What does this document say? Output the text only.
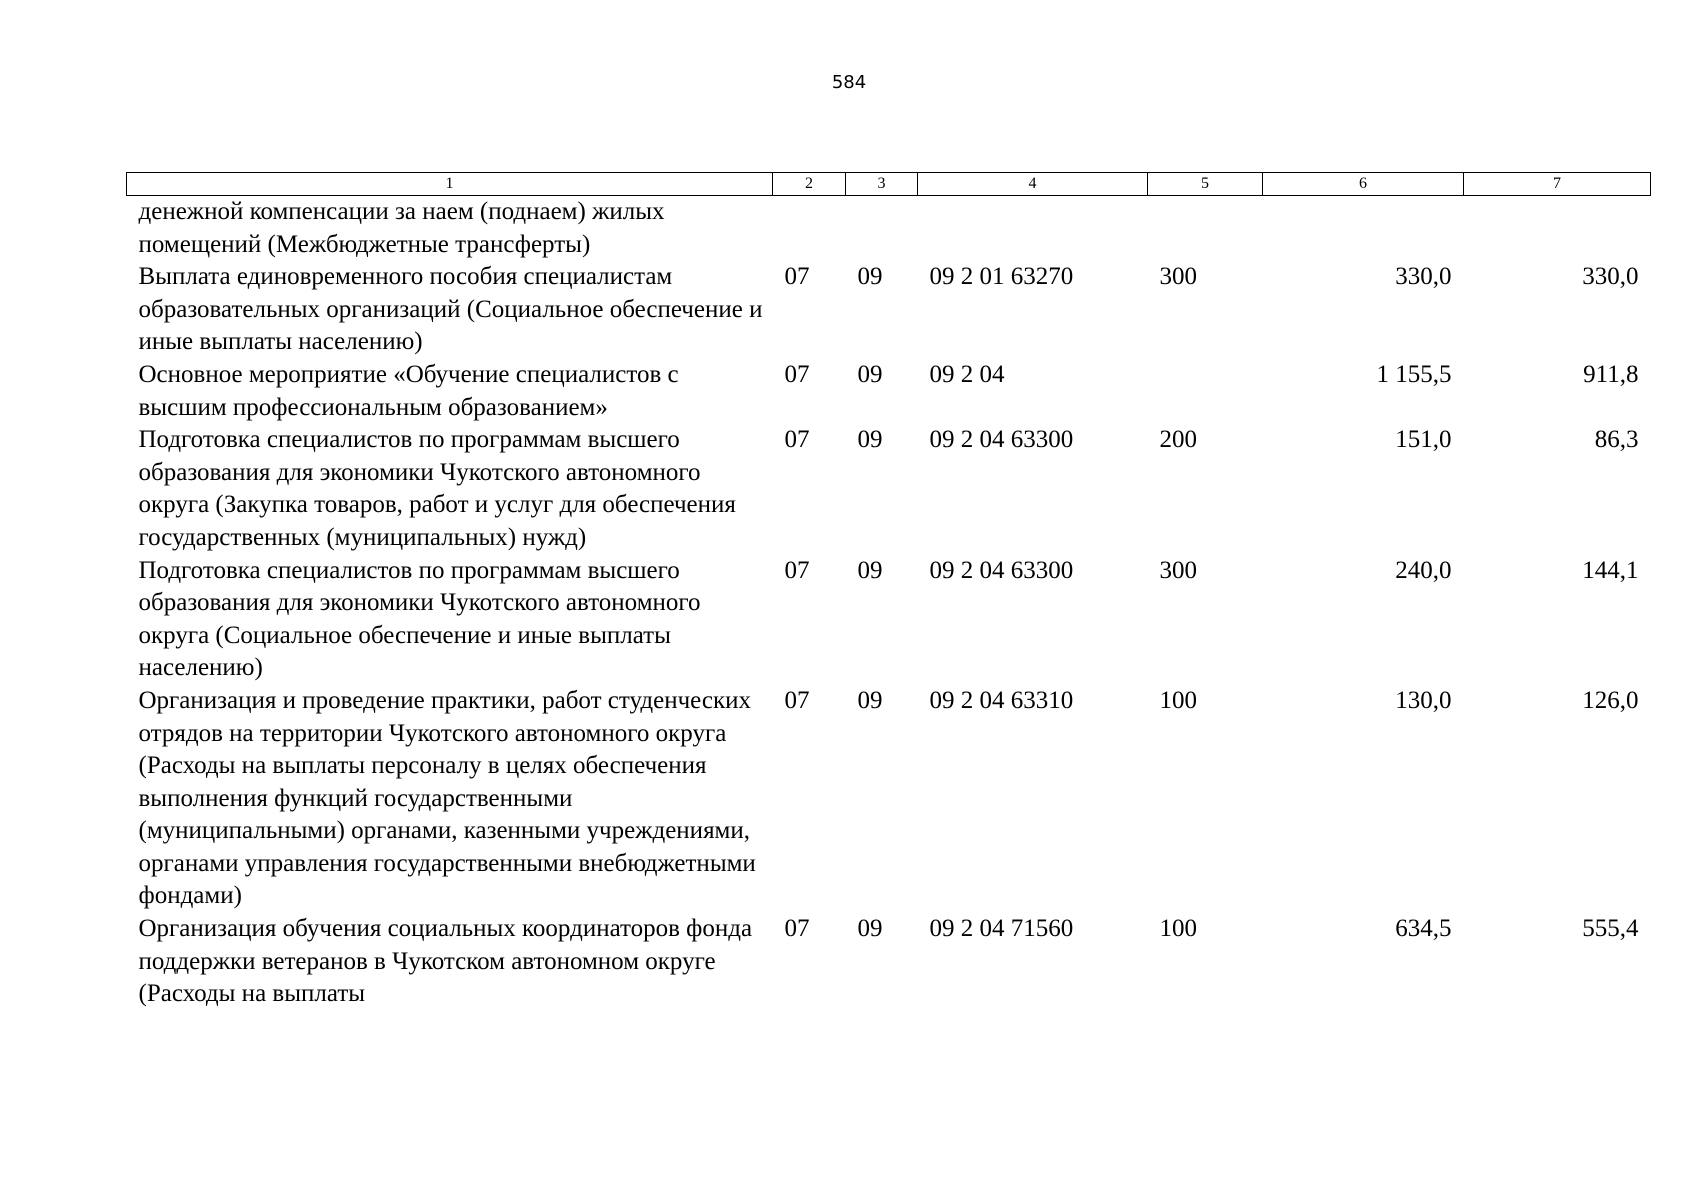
584
1	2	3	4	5	6	7
денежной компенсации за наем (поднаем) жилых помещений (Межбюджетные трансферты)						
Выплата единовременного пособия специалистам образовательных организаций (Социальное обеспечение и иные выплаты населению)	07	09	09 2 01 63270	300	330,0	330,0
Основное мероприятие «Обучение специалистов с высшим профессиональным образованием»	07	09	09 2 04		1 155,5	911,8
Подготовка специалистов по программам высшего образования для экономики Чукотского автономного округа (Закупка товаров, работ и услуг для обеспечения государственных (муниципальных) нужд)	07	09	09 2 04 63300	200	151,0	86,3
Подготовка специалистов по программам высшего образования для экономики Чукотского автономного округа (Социальное обеспечение и иные выплаты населению)	07	09	09 2 04 63300	300	240,0	144,1
Организация и проведение практики, работ студенческих отрядов на территории Чукотского автономного округа (Расходы на выплаты персоналу в целях обеспечения выполнения функций государственными (муниципальными) органами, казенными учреждениями, органами управления государственными внебюджетными фондами)	07	09	09 2 04 63310	100	130,0	126,0
Организация обучения социальных координаторов фонда поддержки ветеранов в Чукотском автономном округе (Расходы на выплаты	07	09	09 2 04 71560	100	634,5	555,4
